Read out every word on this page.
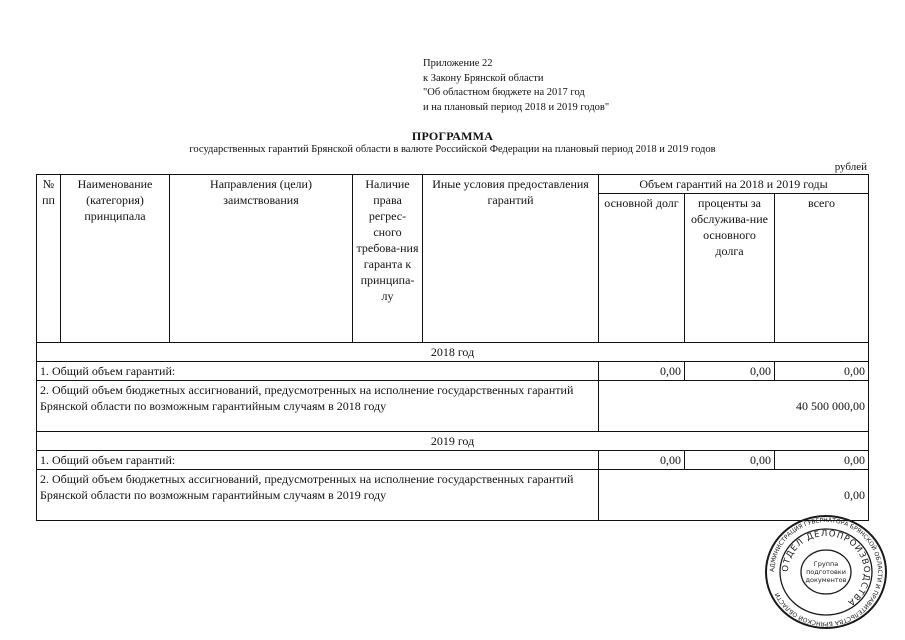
Приложение 22
к Закону Брянской области
"Об областном бюджете на 2017 год
и на плановый период 2018 и 2019 годов"
ПРОГРАММА
государственных гарантий Брянской области в валюте Российской Федерации на плановый период 2018 и 2019 годов
рублей
№ пп	Наименование (категория) принципала	Направления (цели) заимствования	Наличие права регрес-сного требова-ния гаранта к принципа-лу	Иные условия предоставления гарантий	Объем гарантий на 2018 и 2019 годы		
					основной долг	проценты за обслужива-ние основного долга	всего
2018 год							
1. Общий объем гарантий:					0,00	0,00	0,00
2. Общий объем бюджетных ассигнований, предусмотренных на исполнение государственных гарантий Брянской области по возможным гарантийным случаям в 2018 году					40 500 000,00		
2019 год							
1. Общий объем гарантий:					0,00	0,00	0,00
2. Общий объем бюджетных ассигнований, предусмотренных на исполнение государственных гарантий Брянской области по возможным гарантийным случаям в 2019 году					0,00		
АДМИНИСТРАЦИЯ ГУБЕРНАТОРА БРЯНСКОЙ ОБЛАСТИ И ПРАВИТЕЛЬСТВА БРЯНСКОЙ ОБЛАСТИ
ОТДЕЛ ДЕЛОПРОИЗВОДСТВА
Группа
подготовки
документов
